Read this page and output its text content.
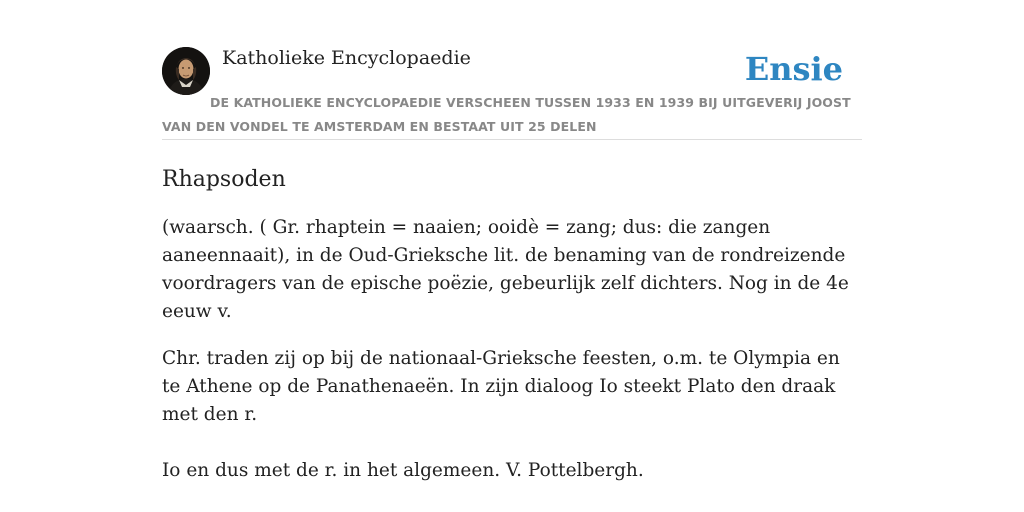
Katholieke Encyclopaedie	Ensie
DE KATHOLIEKE ENCYCLOPAEDIE VERSCHEEN TUSSEN 1933 EN 1939 BIJ UITGEVERIJ JOOST VAN DEN VONDEL TE AMSTERDAM EN BESTAAT UIT 25 DELEN
Rhapsoden

(waarsch. ( Gr. rhaptein = naaien; ooidè = zang; dus: die zangen aaneennaait), in de Oud-Grieksche lit. de benaming van de rondreizende voordragers van de epische poëzie, gebeurlijk zelf dichters. Nog in de 4e eeuw v.

Chr. traden zij op bij de nationaal-Grieksche feesten, o.m. te Olympia en te Athene op de Panathenaeën. In zijn dialoog Io steekt Plato den draak met den r.

Io en dus met de r. in het algemeen. V. Pottelbergh.
